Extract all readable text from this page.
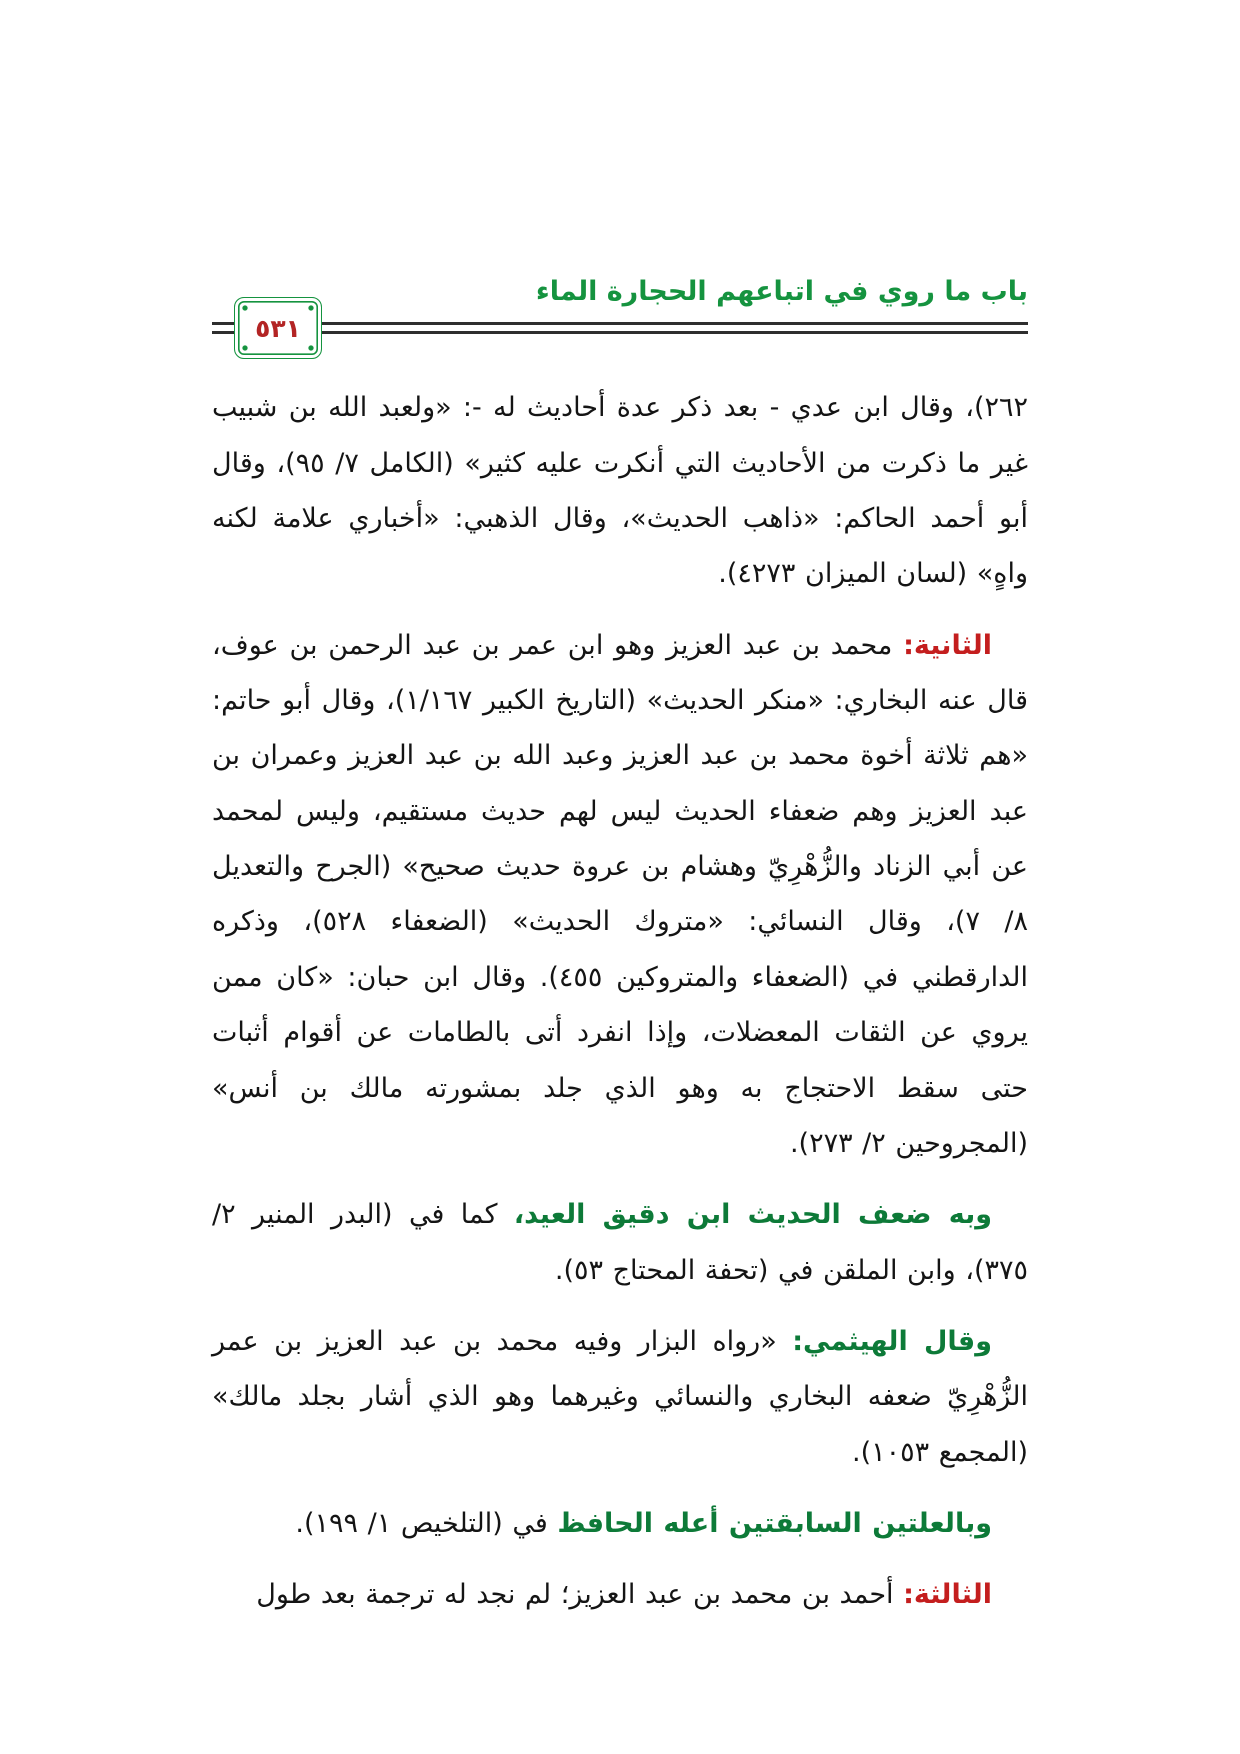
باب ما روي في اتباعهم الحجارة الماء
٥٣١

٢٦٢)، وقال ابن عدي - بعد ذكر عدة أحاديث له -: «ولعبد الله بن شبيب غير ما ذكرت من الأحاديث التي أنكرت عليه كثير» (الكامل ٧/ ٩٥)، وقال أبو أحمد الحاكم: «ذاهب الحديث»، وقال الذهبي: «أخباري علامة لكنه واهٍ» (لسان الميزان ٤٢٧٣).

الثانية: محمد بن عبد العزيز وهو ابن عمر بن عبد الرحمن بن عوف، قال عنه البخاري: «منكر الحديث» (التاريخ الكبير ١/١٦٧)، وقال أبو حاتم: «هم ثلاثة أخوة محمد بن عبد العزيز وعبد الله بن عبد العزيز وعمران بن عبد العزيز وهم ضعفاء الحديث ليس لهم حديث مستقيم، وليس لمحمد عن أبي الزناد والزُّهْرِيّ وهشام بن عروة حديث صحيح» (الجرح والتعديل ٨/ ٧)، وقال النسائي: «متروك الحديث» (الضعفاء ٥٢٨)، وذكره الدارقطني في (الضعفاء والمتروكين ٤٥٥). وقال ابن حبان: «كان ممن يروي عن الثقات المعضلات، وإذا انفرد أتى بالطامات عن أقوام أثبات حتى سقط الاحتجاج به وهو الذي جلد بمشورته مالك بن أنس» (المجروحين ٢/ ٢٧٣).

وبه ضعف الحديث ابن دقيق العيد، كما في (البدر المنير ٢/ ٣٧٥)، وابن الملقن في (تحفة المحتاج ٥٣).

وقال الهيثمي: «رواه البزار وفيه محمد بن عبد العزيز بن عمر الزُّهْرِيّ ضعفه البخاري والنسائي وغيرهما وهو الذي أشار بجلد مالك» (المجمع ١٠٥٣).

وبالعلتين السابقتين أعله الحافظ في (التلخيص ١/ ١٩٩).

الثالثة: أحمد بن محمد بن عبد العزيز؛ لم نجد له ترجمة بعد طول
